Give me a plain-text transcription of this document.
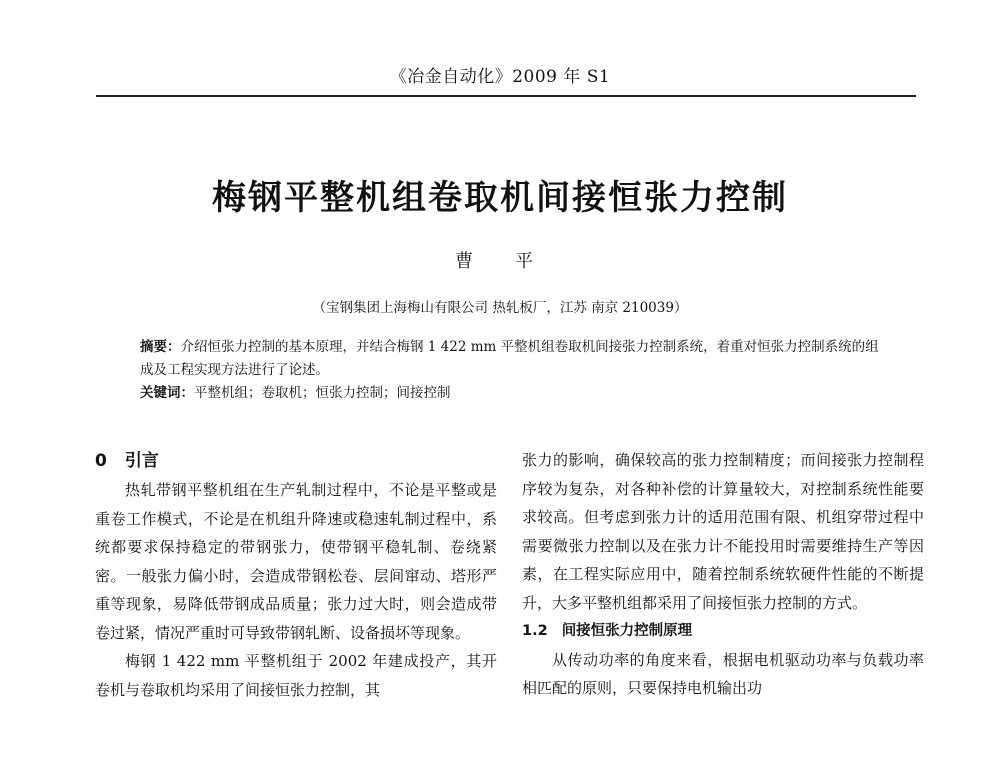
《冶金自动化》2009 年 S1
梅钢平整机组卷取机间接恒张力控制
曹　平
（宝钢集团上海梅山有限公司 热轧板厂，江苏 南京 210039）

摘要：介绍恒张力控制的基本原理，并结合梅钢 1 422 mm 平整机组卷取机间接张力控制系统，着重对恒张力控制系统的组成及工程实现方法进行了论述。

关键词：平整机组；卷取机；恒张力控制；间接控制

0 引言

热轧带钢平整机组在生产轧制过程中，不论是平整或是重卷工作模式，不论是在机组升降速或稳速轧制过程中，系统都要求保持稳定的带钢张力，使带钢平稳轧制、卷绕紧密。一般张力偏小时，会造成带钢松卷、层间窜动、塔形严重等现象，易降低带钢成品质量；张力过大时，则会造成带卷过紧，情况严重时可导致带钢轧断、设备损坏等现象。

梅钢 1 422 mm 平整机组于 2002 年建成投产，其开卷机与卷取机均采用了间接恒张力控制，其

张力的影响，确保较高的张力控制精度；而间接张力控制程序较为复杂，对各种补偿的计算量较大，对控制系统性能要求较高。但考虑到张力计的适用范围有限、机组穿带过程中需要微张力控制以及在张力计不能投用时需要维持生产等因素，在工程实际应用中，随着控制系统软硬件性能的不断提升，大多平整机组都采用了间接恒张力控制的方式。

1.2 间接恒张力控制原理

从传动功率的角度来看，根据电机驱动功率与负载功率相匹配的原则，只要保持电机输出功
